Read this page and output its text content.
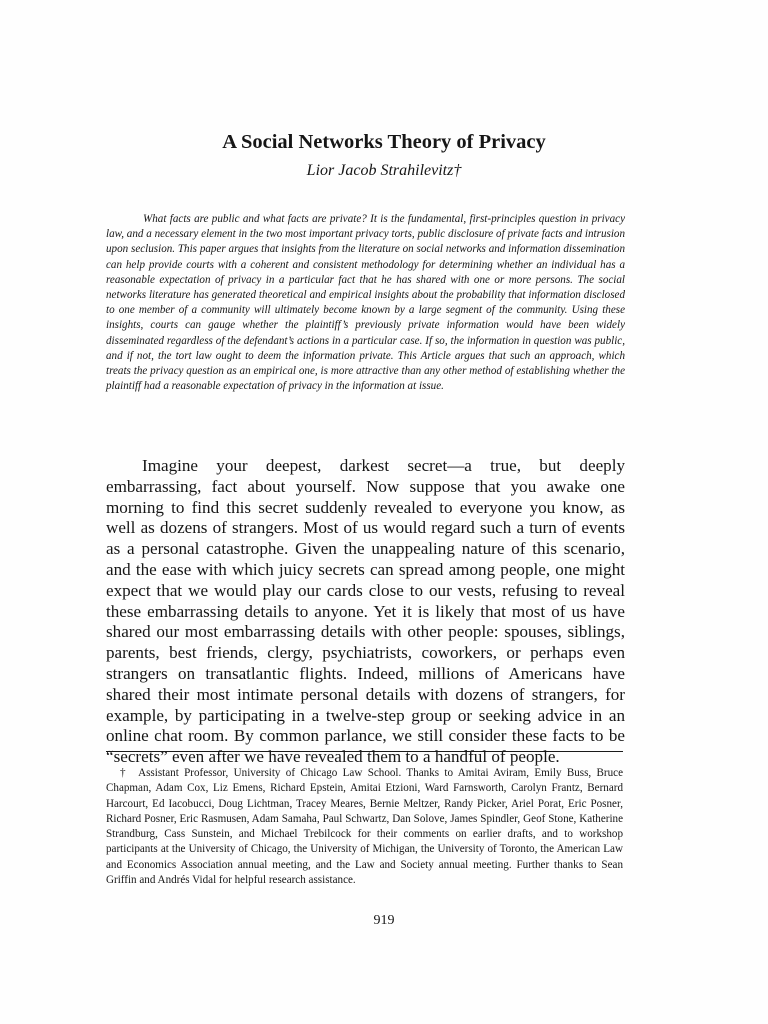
A Social Networks Theory of Privacy
Lior Jacob Strahilevitz†

What facts are public and what facts are private? It is the fundamental, first-principles question in privacy law, and a necessary element in the two most important privacy torts, public disclosure of private facts and intrusion upon seclusion. This paper argues that insights from the literature on social networks and information dissemination can help provide courts with a coherent and consistent methodology for determining whether an individual has a reasonable expectation of privacy in a particular fact that he has shared with one or more persons. The social networks literature has generated theoretical and empirical insights about the probability that information disclosed to one member of a community will ultimately become known by a large segment of the community. Using these insights, courts can gauge whether the plaintiff’s previously private information would have been widely disseminated regardless of the defendant’s actions in a particular case. If so, the information in question was public, and if not, the tort law ought to deem the information private. This Article argues that such an approach, which treats the privacy question as an empirical one, is more attractive than any other method of establishing whether the plaintiff had a reasonable expectation of privacy in the information at issue.

Imagine your deepest, darkest secret—a true, but deeply embarrassing, fact about yourself. Now suppose that you awake one morning to find this secret suddenly revealed to everyone you know, as well as dozens of strangers. Most of us would regard such a turn of events as a personal catastrophe. Given the unappealing nature of this scenario, and the ease with which juicy secrets can spread among people, one might expect that we would play our cards close to our vests, refusing to reveal these embarrassing details to anyone. Yet it is likely that most of us have shared our most embarrassing details with other people: spouses, siblings, parents, best friends, clergy, psychiatrists, coworkers, or perhaps even strangers on transatlantic flights. Indeed, millions of Americans have shared their most intimate personal details with dozens of strangers, for example, by participating in a twelve-step group or seeking advice in an online chat room. By common parlance, we still consider these facts to be “secrets” even after we have revealed them to a handful of people.

† Assistant Professor, University of Chicago Law School. Thanks to Amitai Aviram, Emily Buss, Bruce Chapman, Adam Cox, Liz Emens, Richard Epstein, Amitai Etzioni, Ward Farnsworth, Carolyn Frantz, Bernard Harcourt, Ed Iacobucci, Doug Lichtman, Tracey Meares, Bernie Meltzer, Randy Picker, Ariel Porat, Eric Posner, Richard Posner, Eric Rasmusen, Adam Samaha, Paul Schwartz, Dan Solove, James Spindler, Geof Stone, Katherine Strandburg, Cass Sunstein, and Michael Trebilcock for their comments on earlier drafts, and to workshop participants at the University of Chicago, the University of Michigan, the University of Toronto, the American Law and Economics Association annual meeting, and the Law and Society annual meeting. Further thanks to Sean Griffin and Andrés Vidal for helpful research assistance.

919
